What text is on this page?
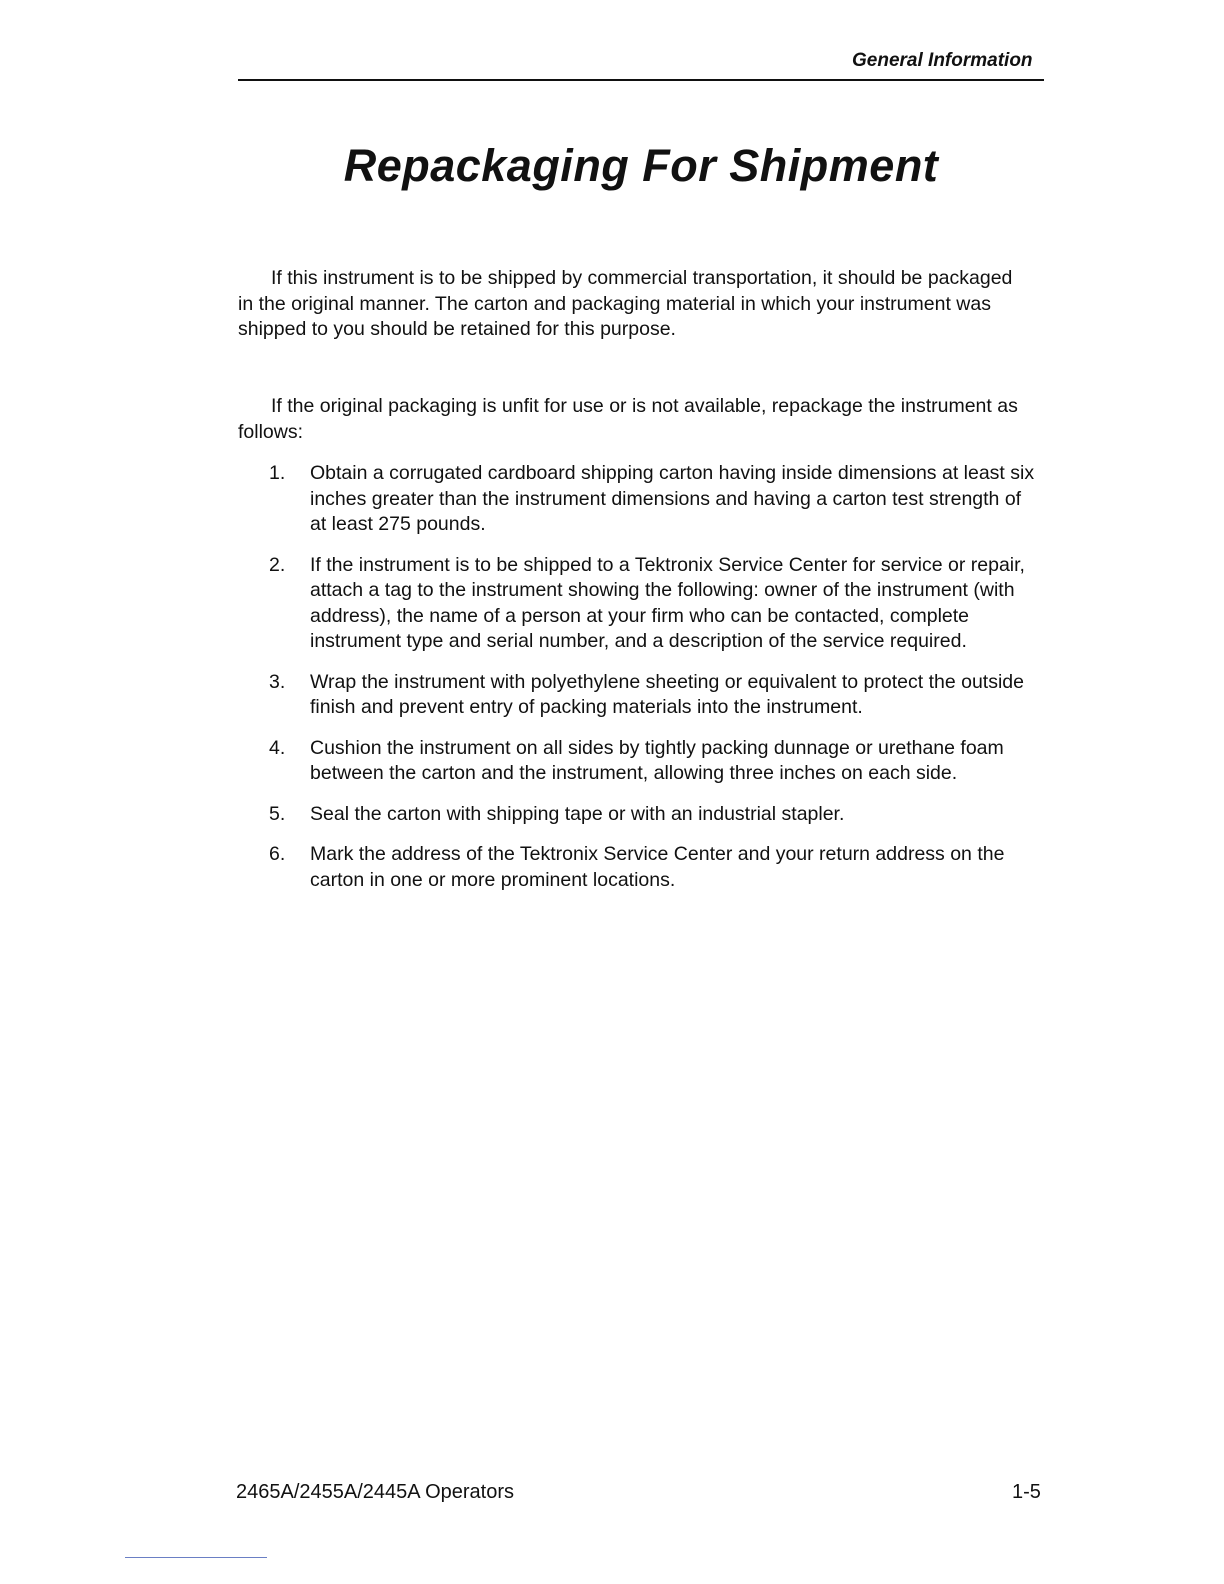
General Information
Repackaging For Shipment

If this instrument is to be shipped by commercial transportation, it should be packaged in the original manner. The carton and packaging material in which your instrument was shipped to you should be retained for this purpose.

If the original packaging is unfit for use or is not available, repackage the instrument as follows:

1. Obtain a corrugated cardboard shipping carton having inside dimensions at least six inches greater than the instrument dimensions and having a carton test strength of at least 275 pounds.
2. If the instrument is to be shipped to a Tektronix Service Center for service or repair, attach a tag to the instrument showing the following: owner of the instrument (with address), the name of a person at your firm who can be contacted, complete instrument type and serial number, and a description of the service required.
3. Wrap the instrument with polyethylene sheeting or equivalent to protect the outside finish and prevent entry of packing materials into the instrument.
4. Cushion the instrument on all sides by tightly packing dunnage or urethane foam between the carton and the instrument, allowing three inches on each side.
5. Seal the carton with shipping tape or with an industrial stapler.
6. Mark the address of the Tektronix Service Center and your return address on the carton in one or more prominent locations.
2465A/2455A/2445A Operators	1-5
